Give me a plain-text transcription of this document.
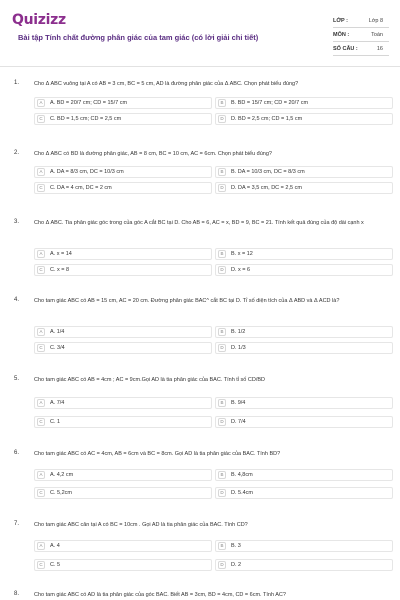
Quizizz
Bài tập Tính chất đường phân giác của tam giác (có lời giải chi tiết)
LỚP :	Lớp 8
MÔN :	Toán
SỐ CÂU :	16
1.	Cho Δ ABC vuông tại A có AB = 3 cm, BC = 5 cm, AD là đường phân giác của Δ ABC. Chọn phát biểu đúng?
A	A. BD = 20/7 cm; CD = 15/7 cm	B	B. BD = 15/7 cm; CD = 20/7 cm
C	C. BD = 1,5 cm; CD = 2,5 cm	D	D. BD = 2,5 cm; CD = 1,5 cm
2.	Cho Δ ABC có BD là đường phân giác, AB = 8 cm, BC = 10 cm, AC = 6cm. Chọn phát biểu đúng?
A	A. DA = 8/3 cm, DC = 10/3 cm	B	B. DA = 10/3 cm, DC = 8/3 cm
C	C. DA = 4 cm, DC = 2 cm	D	D. DA = 3,5 cm, DC = 2,5 cm
3.	Cho Δ ABC. Tia phân giác góc trong của góc A cắt BC tại D. Cho AB = 6, AC = x, BD = 9, BC = 21. Tính kết quả đúng của độ dài cạnh x
A	A. x = 14	B	B. x = 12
C	C. x = 8	D	D. x = 6
4.	Cho tam giác ABC có AB = 15 cm, AC = 20 cm. Đường phân giác BAC^ cắt BC tại D. Tỉ số diện tích của Δ ABD và Δ ACD là?
A	A. 1/4	B	B. 1/2
C	C. 3/4	D	D. 1/3
5.	Cho tam giác ABC có AB = 4cm ; AC = 9cm.Gọi AD là tia phân giác của BAC. Tính tỉ số CD/BD
A	A. 7/4	B	B. 9/4
C	C. 1	D	D. 7/4
6.	Cho tam giác ABC có AC = 4cm, AB = 6cm và BC = 8cm. Gọi AD là tia phân giác của BAC. Tính BD?
A	A. 4,2 cm	B	B. 4,8cm
C	C. 5,2cm	D	D. 5.4cm
7.	Cho tam giác ABC cân tại A có BC = 10cm . Gọi AD là tia phân giác của BAC. Tính CD?
A	A. 4	B	B. 3
C	C. 5	D	D. 2
8.	Cho tam giác ABC có AD là tia phân giác của góc BAC. Biết AB = 3cm, BD = 4cm, CD = 6cm. Tính AC?
